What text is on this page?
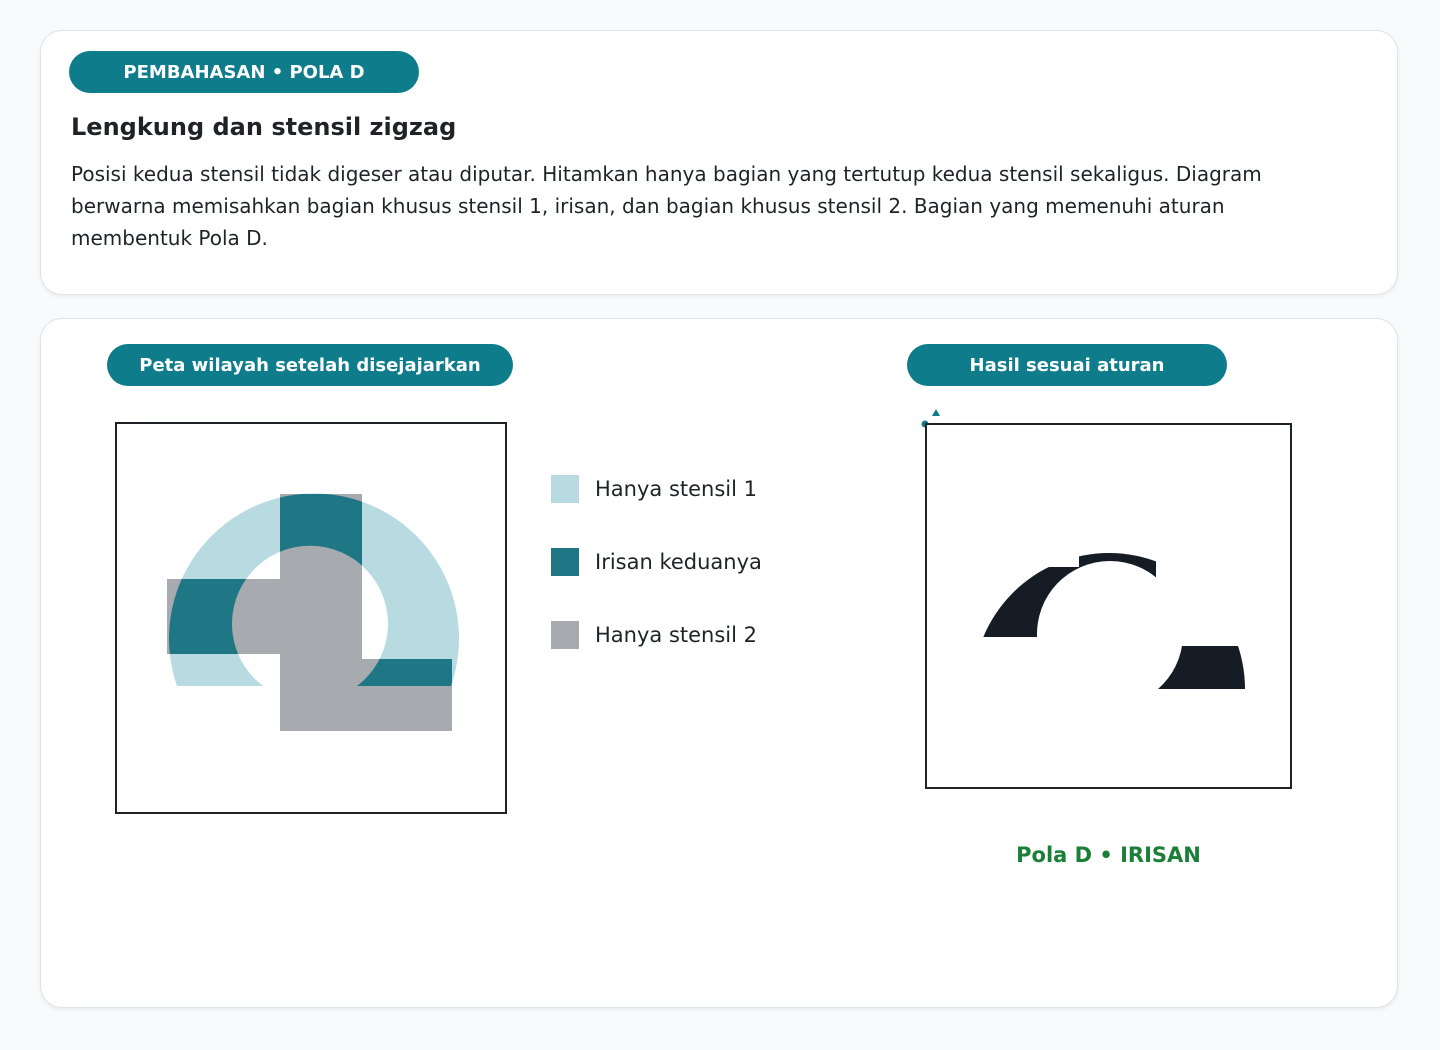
PEMBAHASAN • POLA D
Lengkung dan stensil zigzag

Posisi kedua stensil tidak digeser atau diputar. Hitamkan hanya bagian yang tertutup kedua stensil sekaligus. Diagram berwarna memisahkan bagian khusus stensil 1, irisan, dan bagian khusus stensil 2. Bagian yang memenuhi aturan membentuk Pola D.

Peta wilayah setelah disejajarkan	Hasil sesuai aturan
Hanya stensil 1
Irisan keduanya
Hanya stensil 2
Pola D • IRISAN
